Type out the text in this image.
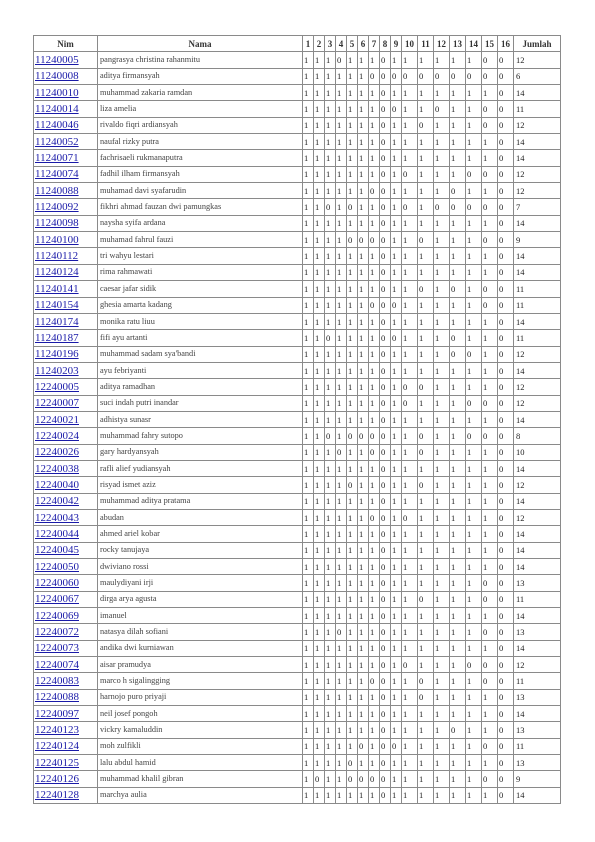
Nim	Nama	1	2	3	4	5	6	7	8	9	10	11	12	13	14	15	16	Jumlah
11240005	pangrasya christina rahanmitu	1	1	1	0	1	1	1	0	1	1	1	1	1	1	0	0	12
11240008	aditya firmansyah	1	1	1	1	1	1	0	0	0	0	0	0	0	0	0	0	6
11240010	muhammad zakaria ramdan	1	1	1	1	1	1	1	0	1	1	1	1	1	1	1	0	14
11240014	liza amelia	1	1	1	1	1	1	1	0	0	1	1	0	1	1	0	0	11
11240046	rivaldo fiqri ardiansyah	1	1	1	1	1	1	1	0	1	1	0	1	1	1	0	0	12
11240052	naufal rizky putra	1	1	1	1	1	1	1	0	1	1	1	1	1	1	1	0	14
11240071	fachrisaeli rukmanaputra	1	1	1	1	1	1	1	0	1	1	1	1	1	1	1	0	14
11240074	fadhil ilham firmansyah	1	1	1	1	1	1	1	0	1	0	1	1	1	0	0	0	12
11240088	muhamad davi syafarudin	1	1	1	1	1	1	0	0	1	1	1	1	0	1	1	0	12
11240092	fikhri ahmad fauzan dwi pamungkas	1	1	0	1	0	1	1	0	1	0	1	0	0	0	0	0	7
11240098	naysha syifa ardana	1	1	1	1	1	1	1	0	1	1	1	1	1	1	1	0	14
11240100	muhamad fahrul fauzi	1	1	1	1	0	0	0	0	1	1	0	1	1	1	0	0	9
11240112	tri wahyu lestari	1	1	1	1	1	1	1	0	1	1	1	1	1	1	1	0	14
11240124	rima rahmawati	1	1	1	1	1	1	1	0	1	1	1	1	1	1	1	0	14
11240141	caesar jafar sidik	1	1	1	1	1	1	1	0	1	1	0	1	0	1	0	0	11
11240154	ghesia amarta kadang	1	1	1	1	1	1	0	0	0	1	1	1	1	1	0	0	11
11240174	monika ratu liuu	1	1	1	1	1	1	1	0	1	1	1	1	1	1	1	0	14
11240187	fifi ayu artanti	1	1	0	1	1	1	1	0	0	1	1	1	0	1	1	0	11
11240196	muhammad sadam sya'bandi	1	1	1	1	1	1	1	0	1	1	1	1	0	0	1	0	12
11240203	ayu febriyanti	1	1	1	1	1	1	1	0	1	1	1	1	1	1	1	0	14
12240005	aditya ramadhan	1	1	1	1	1	1	1	0	1	0	0	1	1	1	1	0	12
12240007	suci indah putri inandar	1	1	1	1	1	1	1	0	1	0	1	1	1	0	0	0	12
12240021	adhistya sunasr	1	1	1	1	1	1	1	0	1	1	1	1	1	1	1	0	14
12240024	muhammad fahry sutopo	1	1	0	1	0	0	0	0	1	1	0	1	1	0	0	0	8
12240026	gary hardyansyah	1	1	1	0	1	1	0	0	1	1	0	1	1	1	1	0	10
12240038	rafli alief yudiansyah	1	1	1	1	1	1	1	0	1	1	1	1	1	1	1	0	14
12240040	risyad ismet aziz	1	1	1	1	0	1	1	0	1	1	0	1	1	1	1	0	12
12240042	muhammad aditya pratama	1	1	1	1	1	1	1	0	1	1	1	1	1	1	1	0	14
12240043	abudan	1	1	1	1	1	1	0	0	1	0	1	1	1	1	1	0	12
12240044	ahmed ariel kobar	1	1	1	1	1	1	1	0	1	1	1	1	1	1	1	0	14
12240045	rocky tanujaya	1	1	1	1	1	1	1	0	1	1	1	1	1	1	1	0	14
12240050	dwiviano rossi	1	1	1	1	1	1	1	0	1	1	1	1	1	1	1	0	14
12240060	maulydiyani irji	1	1	1	1	1	1	1	0	1	1	1	1	1	1	0	0	13
12240067	dirga arya agusta	1	1	1	1	1	1	1	0	1	1	0	1	1	1	0	0	11
12240069	imanuel	1	1	1	1	1	1	1	0	1	1	1	1	1	1	1	0	14
12240072	natasya dilah sofiani	1	1	1	0	1	1	1	0	1	1	1	1	1	1	0	0	13
12240073	andika dwi kurniawan	1	1	1	1	1	1	1	0	1	1	1	1	1	1	1	0	14
12240074	aisar pramudya	1	1	1	1	1	1	1	0	1	0	1	1	1	0	0	0	12
12240083	marco h sigalingging	1	1	1	1	1	1	0	0	1	1	0	1	1	1	0	0	11
12240088	harnojo puro priyaji	1	1	1	1	1	1	1	0	1	1	0	1	1	1	1	0	13
12240097	neil josef pongoh	1	1	1	1	1	1	1	0	1	1	1	1	1	1	1	0	14
12240123	vickry kamaluddin	1	1	1	1	1	1	1	0	1	1	1	1	0	1	1	0	13
12240124	moh zulfikli	1	1	1	1	1	0	1	0	0	1	1	1	1	1	0	0	11
12240125	lalu abdul hamid	1	1	1	1	0	1	1	0	1	1	1	1	1	1	1	0	13
12240126	muhammad khalil gibran	1	0	1	1	0	0	0	0	1	1	1	1	1	1	0	0	9
12240128	marchya aulia	1	1	1	1	1	1	1	0	1	1	1	1	1	1	1	0	14
